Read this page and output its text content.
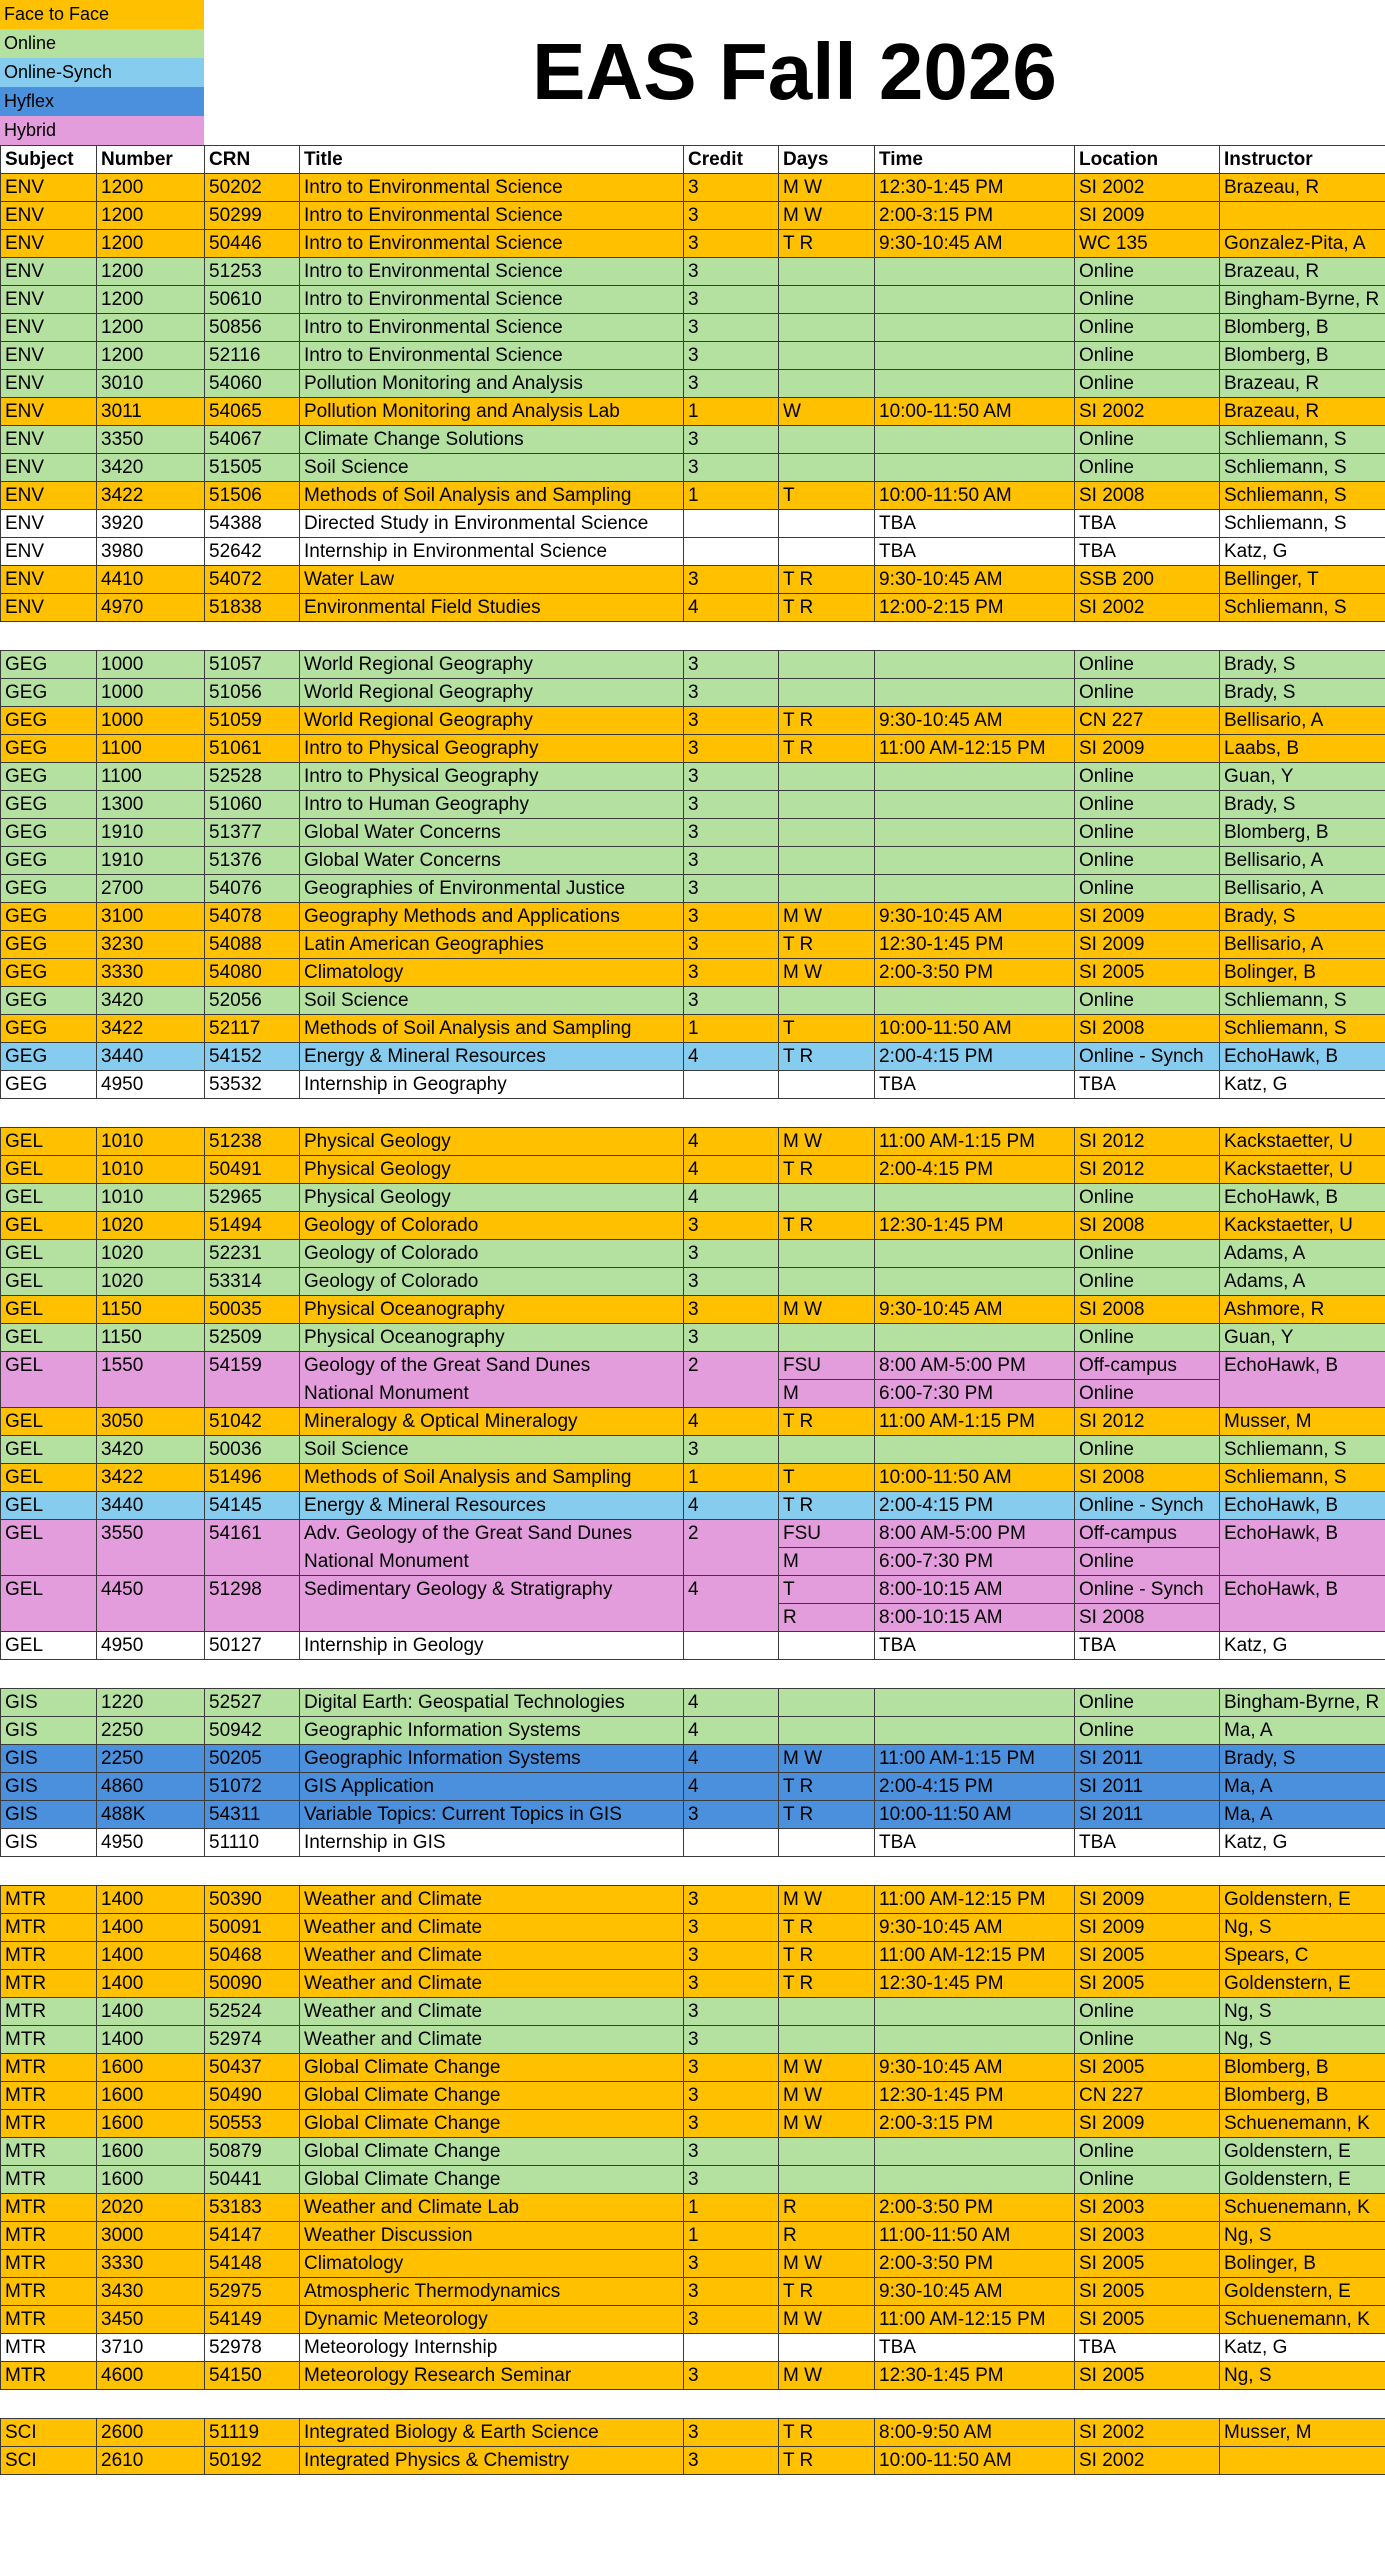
Face to Face
Online
Online-Synch
Hyflex
Hybrid
EAS Fall 2026
Subject	Number	CRN	Title	Credit	Days	Time	Location	Instructor
ENV	1200	50202	Intro to Environmental Science	3	M W	12:30-1:45 PM	SI 2002	Brazeau, R
ENV	1200	50299	Intro to Environmental Science	3	M W	2:00-3:15 PM	SI 2009	
ENV	1200	50446	Intro to Environmental Science	3	T R	9:30-10:45 AM	WC 135	Gonzalez-Pita, A
ENV	1200	51253	Intro to Environmental Science	3			Online	Brazeau, R
ENV	1200	50610	Intro to Environmental Science	3			Online	Bingham-Byrne, R
ENV	1200	50856	Intro to Environmental Science	3			Online	Blomberg, B
ENV	1200	52116	Intro to Environmental Science	3			Online	Blomberg, B
ENV	3010	54060	Pollution Monitoring and Analysis	3			Online	Brazeau, R
ENV	3011	54065	Pollution Monitoring and Analysis Lab	1	W	10:00-11:50 AM	SI 2002	Brazeau, R
ENV	3350	54067	Climate Change Solutions	3			Online	Schliemann, S
ENV	3420	51505	Soil Science	3			Online	Schliemann, S
ENV	3422	51506	Methods of Soil Analysis and Sampling	1	T	10:00-11:50 AM	SI 2008	Schliemann, S
ENV	3920	54388	Directed Study in Environmental Science			TBA	TBA	Schliemann, S
ENV	3980	52642	Internship in Environmental Science			TBA	TBA	Katz, G
ENV	4410	54072	Water Law	3	T R	9:30-10:45 AM	SSB 200	Bellinger, T
ENV	4970	51838	Environmental Field Studies	4	T R	12:00-2:15 PM	SI 2002	Schliemann, S

GEG	1000	51057	World Regional Geography	3			Online	Brady, S
GEG	1000	51056	World Regional Geography	3			Online	Brady, S
GEG	1000	51059	World Regional Geography	3	T R	9:30-10:45 AM	CN 227	Bellisario, A
GEG	1100	51061	Intro to Physical Geography	3	T R	11:00 AM-12:15 PM	SI 2009	Laabs, B
GEG	1100	52528	Intro to Physical Geography	3			Online	Guan, Y
GEG	1300	51060	Intro to Human Geography	3			Online	Brady, S
GEG	1910	51377	Global Water Concerns	3			Online	Blomberg, B
GEG	1910	51376	Global Water Concerns	3			Online	Bellisario, A
GEG	2700	54076	Geographies of Environmental Justice	3			Online	Bellisario, A
GEG	3100	54078	Geography Methods and Applications	3	M W	9:30-10:45 AM	SI 2009	Brady, S
GEG	3230	54088	Latin American Geographies	3	T R	12:30-1:45 PM	SI 2009	Bellisario, A
GEG	3330	54080	Climatology	3	M W	2:00-3:50 PM	SI 2005	Bolinger, B
GEG	3420	52056	Soil Science	3			Online	Schliemann, S
GEG	3422	52117	Methods of Soil Analysis and Sampling	1	T	10:00-11:50 AM	SI 2008	Schliemann, S
GEG	3440	54152	Energy & Mineral Resources	4	T R	2:00-4:15 PM	Online - Synch	EchoHawk, B
GEG	4950	53532	Internship in Geography			TBA	TBA	Katz, G

GEL	1010	51238	Physical Geology	4	M W	11:00 AM-1:15 PM	SI 2012	Kackstaetter, U
GEL	1010	50491	Physical Geology	4	T R	2:00-4:15 PM	SI 2012	Kackstaetter, U
GEL	1010	52965	Physical Geology	4			Online	EchoHawk, B
GEL	1020	51494	Geology of Colorado	3	T R	12:30-1:45 PM	SI 2008	Kackstaetter, U
GEL	1020	52231	Geology of Colorado	3			Online	Adams, A
GEL	1020	53314	Geology of Colorado	3			Online	Adams, A
GEL	1150	50035	Physical Oceanography	3	M W	9:30-10:45 AM	SI 2008	Ashmore, R
GEL	1150	52509	Physical Oceanography	3			Online	Guan, Y
GEL	1550	54159	Geology of the Great Sand Dunes	2	FSU	8:00 AM-5:00 PM	Off-campus	EchoHawk, B
			National Monument		M	6:00-7:30 PM	Online	
GEL	3050	51042	Mineralogy & Optical Mineralogy	4	T R	11:00 AM-1:15 PM	SI 2012	Musser, M
GEL	3420	50036	Soil Science	3			Online	Schliemann, S
GEL	3422	51496	Methods of Soil Analysis and Sampling	1	T	10:00-11:50 AM	SI 2008	Schliemann, S
GEL	3440	54145	Energy & Mineral Resources	4	T R	2:00-4:15 PM	Online - Synch	EchoHawk, B
GEL	3550	54161	Adv. Geology of the Great Sand Dunes	2	FSU	8:00 AM-5:00 PM	Off-campus	EchoHawk, B
			National Monument		M	6:00-7:30 PM	Online	
GEL	4450	51298	Sedimentary Geology & Stratigraphy	4	T	8:00-10:15 AM	Online - Synch	EchoHawk, B
					R	8:00-10:15 AM	SI 2008	
GEL	4950	50127	Internship in Geology			TBA	TBA	Katz, G

GIS	1220	52527	Digital Earth: Geospatial Technologies	4			Online	Bingham-Byrne, R
GIS	2250	50942	Geographic Information Systems	4			Online	Ma, A
GIS	2250	50205	Geographic Information Systems	4	M W	11:00 AM-1:15 PM	SI 2011	Brady, S
GIS	4860	51072	GIS Application	4	T R	2:00-4:15 PM	SI 2011	Ma, A
GIS	488K	54311	Variable Topics: Current Topics in GIS	3	T R	10:00-11:50 AM	SI 2011	Ma, A
GIS	4950	51110	Internship in GIS			TBA	TBA	Katz, G

MTR	1400	50390	Weather and Climate	3	M W	11:00 AM-12:15 PM	SI 2009	Goldenstern, E
MTR	1400	50091	Weather and Climate	3	T R	9:30-10:45 AM	SI 2009	Ng, S
MTR	1400	50468	Weather and Climate	3	T R	11:00 AM-12:15 PM	SI 2005	Spears, C
MTR	1400	50090	Weather and Climate	3	T R	12:30-1:45 PM	SI 2005	Goldenstern, E
MTR	1400	52524	Weather and Climate	3			Online	Ng, S
MTR	1400	52974	Weather and Climate	3			Online	Ng, S
MTR	1600	50437	Global Climate Change	3	M W	9:30-10:45 AM	SI 2005	Blomberg, B
MTR	1600	50490	Global Climate Change	3	M W	12:30-1:45 PM	CN 227	Blomberg, B
MTR	1600	50553	Global Climate Change	3	M W	2:00-3:15 PM	SI 2009	Schuenemann, K
MTR	1600	50879	Global Climate Change	3			Online	Goldenstern, E
MTR	1600	50441	Global Climate Change	3			Online	Goldenstern, E
MTR	2020	53183	Weather and Climate Lab	1	R	2:00-3:50 PM	SI 2003	Schuenemann, K
MTR	3000	54147	Weather Discussion	1	R	11:00-11:50 AM	SI 2003	Ng, S
MTR	3330	54148	Climatology	3	M W	2:00-3:50 PM	SI 2005	Bolinger, B
MTR	3430	52975	Atmospheric Thermodynamics	3	T R	9:30-10:45 AM	SI 2005	Goldenstern, E
MTR	3450	54149	Dynamic Meteorology	3	M W	11:00 AM-12:15 PM	SI 2005	Schuenemann, K
MTR	3710	52978	Meteorology Internship			TBA	TBA	Katz, G
MTR	4600	54150	Meteorology Research Seminar	3	M W	12:30-1:45 PM	SI 2005	Ng, S

SCI	2600	51119	Integrated Biology & Earth Science	3	T R	8:00-9:50 AM	SI 2002	Musser, M
SCI	2610	50192	Integrated Physics & Chemistry	3	T R	10:00-11:50 AM	SI 2002	
